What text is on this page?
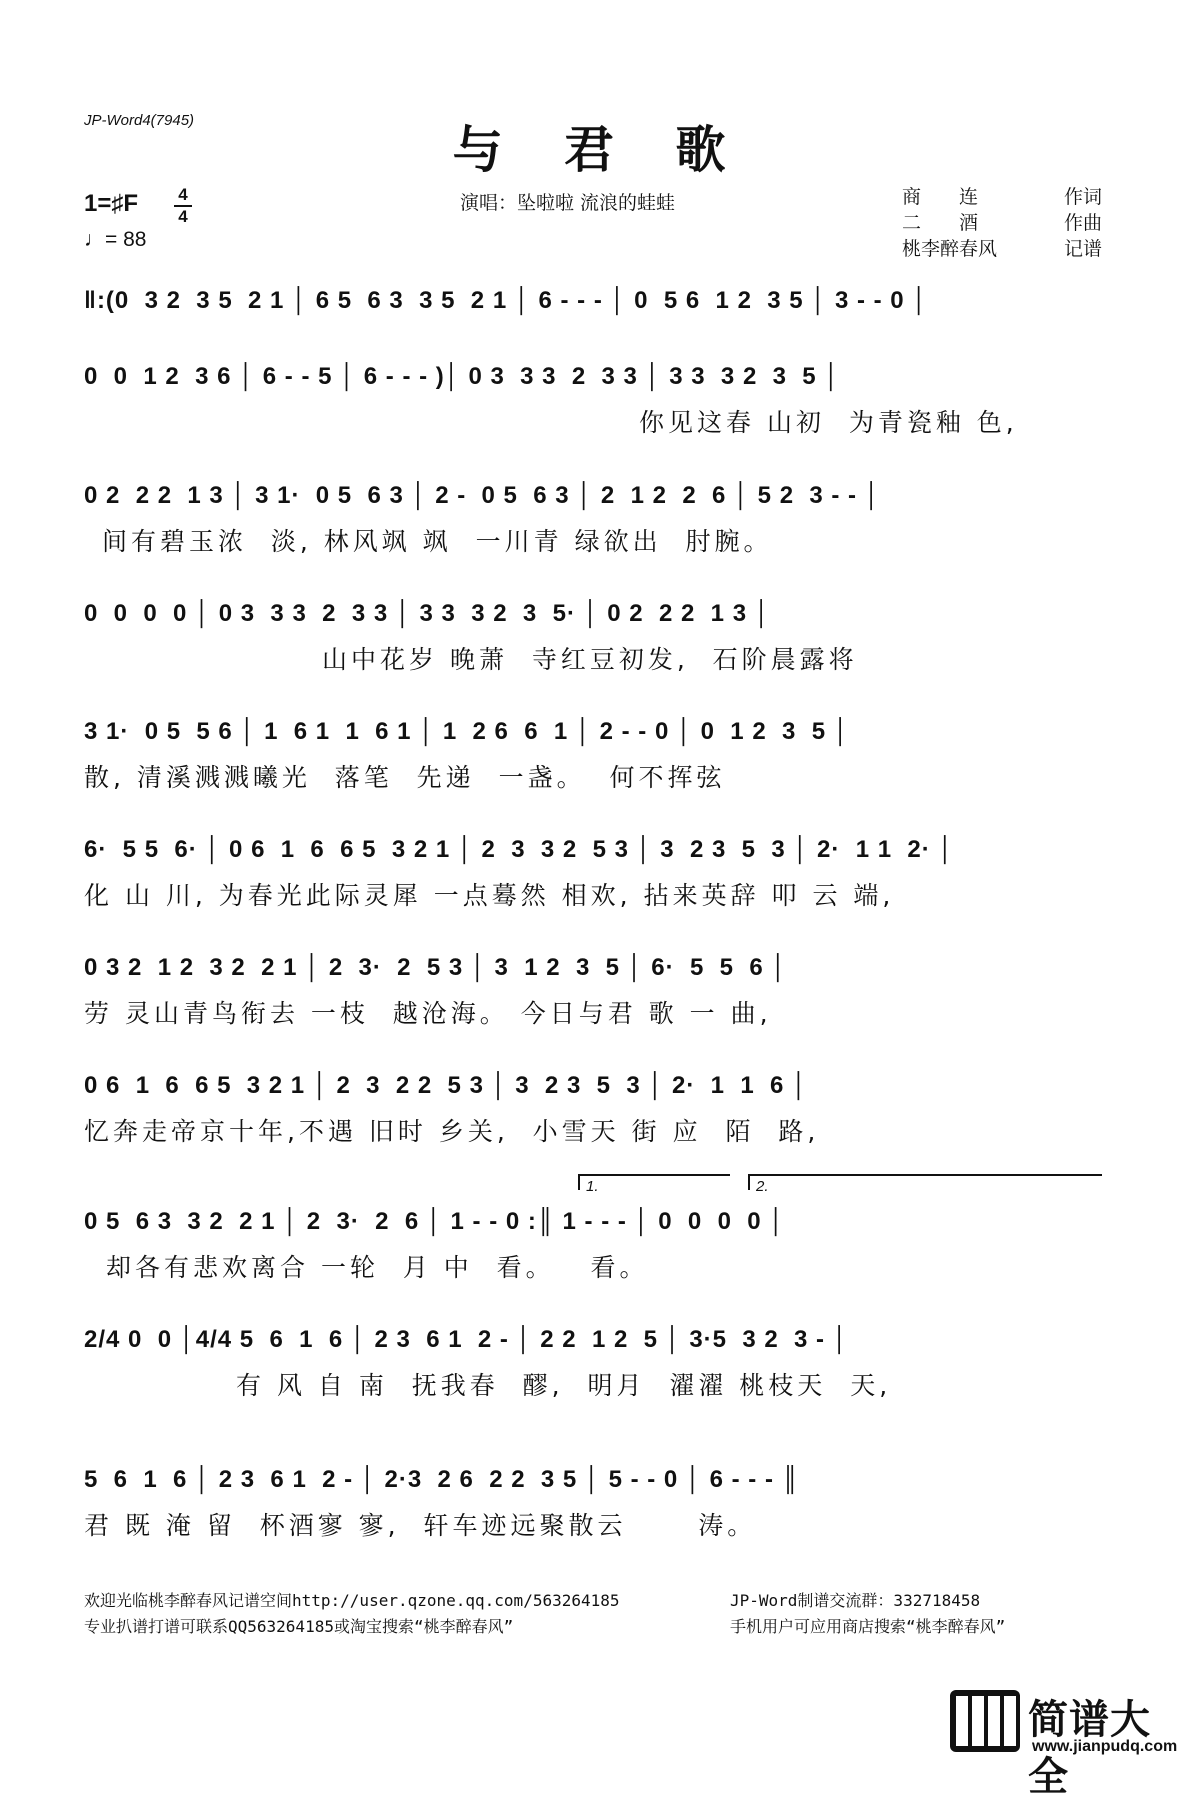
JP-Word4(7945)	与 君 歌
1=♯F	4
4
♩= 88
演唱：坠啦啦 流浪的蛙蛙	商　　连	作词
二　　酒	作曲
桃李醉春风	记谱
‖:(0  3 2  3 5  2 1 │ 6 5  6 3  3 5  2 1 │ 6 - - - │ 0  5 6  1 2  3 5 │ 3 - - 0 │
0  0  1 2  3 6 │ 6 - - 5 │ 6 - - - )│ 0 3  3 3  2  3 3 │ 3 3  3 2  3  5 │
你见这春 山初  为青瓷釉 色,
0 2  2 2  1 3 │ 3 1·  0 5  6 3 │ 2 -  0 5  6 3 │ 2  1 2  2  6 │ 5 2  3 - - │
间有碧玉浓  淡, 林风飒 飒  一川青 绿欲出  肘腕。
0  0  0  0 │ 0 3  3 3  2  3 3 │ 3 3  3 2  3  5· │ 0 2  2 2  1 3 │
山中花岁 晚萧  寺红豆初发,  石阶晨露将
3 1·  0 5  5 6 │ 1  6 1  1  6 1 │ 1  2 6  6  1 │ 2 - - 0 │ 0  1 2  3  5 │
散, 清溪溅溅曦光  落笔  先递  一盏。  何不挥弦
6·  5 5  6· │ 0 6  1  6  6 5  3 2 1 │ 2  3  3 2  5 3 │ 3  2 3  5  3 │ 2·  1 1  2· │
化 山 川, 为春光此际灵犀 一点蓦然 相欢, 拈来英辞 叩 云 端,
0 3 2  1 2  3 2  2 1 │ 2  3·  2  5 3 │ 3  1 2  3  5 │ 6·  5  5  6 │
劳 灵山青鸟衔去 一枝  越沧海。 今日与君 歌 一 曲,
0 6  1  6  6 5  3 2 1 │ 2  3  2 2  5 3 │ 3  2 3  5  3 │ 2·  1  1  6 │
忆奔走帝京十年,不遇 旧时 乡关,  小雪天 街 应  陌  路,
1.	2.
0 5  6 3  3 2  2 1 │ 2  3·  2  6 │ 1 - - 0 :║ 1 - - - │ 0  0  0  0 │
却各有悲欢离合 一轮  月 中  看。   看。
2/4 0  0 │4/4 5  6  1  6 │ 2 3  6 1  2 - │ 2 2  1 2  5 │ 3·5  3 2  3 - │
有 风 自 南  抚我春  醪,  明月  濯濯 桃枝天  天,
5  6  1  6 │ 2 3  6 1  2 - │ 2·3  2 6  2 2  3 5 │ 5 - - 0 │ 6 - - - ║
君 既 淹 留  杯酒寥 寥,  轩车迹远聚散云      涛。
欢迎光临桃李醉春风记谱空间http://user.qzone.qq.com/563264185	JP-Word制谱交流群：332718458
专业扒谱打谱可联系QQ563264185或淘宝搜索“桃李醉春风”	手机用户可应用商店搜索“桃李醉春风”
简谱大全
www.jianpudq.com
